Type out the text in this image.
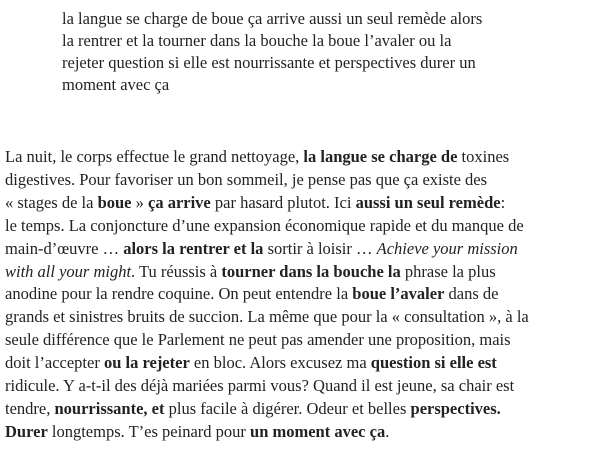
la langue se charge de boue ça arrive aussi un seul remède alors
la rentrer et la tourner dans la bouche la boue l’avaler ou la
rejeter question si elle est nourrissante et perspectives durer un
moment avec ça
La nuit, le corps effectue le grand nettoyage, la langue se charge de toxines
digestives. Pour favoriser un bon sommeil, je pense pas que ça existe des
« stages de la boue » ça arrive par hasard plutot. Ici aussi un seul remède:
le temps. La conjoncture d’une expansion économique rapide et du manque de
main-d’œuvre … alors la rentrer et la sortir à loisir … Achieve your mission
with all your might. Tu réussis à tourner dans la bouche la phrase la plus
anodine pour la rendre coquine. On peut entendre la boue l’avaler dans de
grands et sinistres bruits de succion. La même que pour la « consultation », à la
seule différence que le Parlement ne peut pas amender une proposition, mais
doit l’accepter ou la rejeter en bloc. Alors excusez ma question si elle est
ridicule. Y a-t-il des déjà mariées parmi vous? Quand il est jeune, sa chair est
tendre, nourrissante, et plus facile à digérer. Odeur et belles perspectives.
Durer longtemps. T’es peinard pour un moment avec ça.
